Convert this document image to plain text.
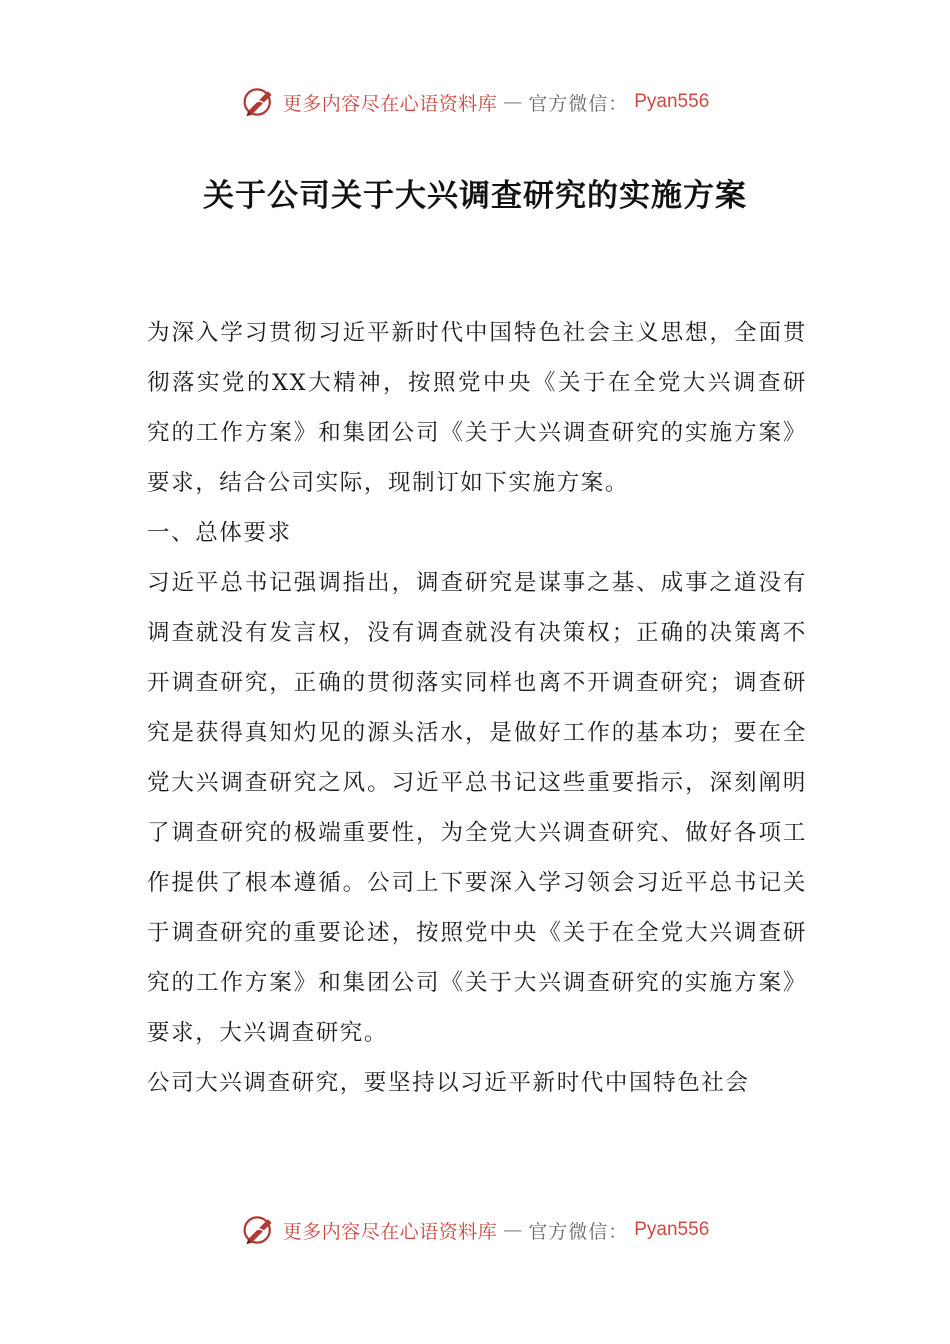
更多内容尽在心语资料库 — 官方微信： Pyan556
关于公司关于大兴调查研究的实施方案

为深入学习贯彻习近平新时代中国特色社会主义思想，全面贯彻落实党的XX大精神，按照党中央《关于在全党大兴调查研究的工作方案》和集团公司《关于大兴调查研究的实施方案》要求，结合公司实际，现制订如下实施方案。

一、总体要求

习近平总书记强调指出，调查研究是谋事之基、成事之道没有调查就没有发言权，没有调查就没有决策权；正确的决策离不开调查研究，正确的贯彻落实同样也离不开调查研究；调查研究是获得真知灼见的源头活水，是做好工作的基本功；要在全党大兴调查研究之风。习近平总书记这些重要指示，深刻阐明了调查研究的极端重要性，为全党大兴调查研究、做好各项工作提供了根本遵循。公司上下要深入学习领会习近平总书记关于调查研究的重要论述，按照党中央《关于在全党大兴调查研究的工作方案》和集团公司《关于大兴调查研究的实施方案》要求，大兴调查研究。

公司大兴调查研究，要坚持以习近平新时代中国特色社会

更多内容尽在心语资料库 — 官方微信： Pyan556
